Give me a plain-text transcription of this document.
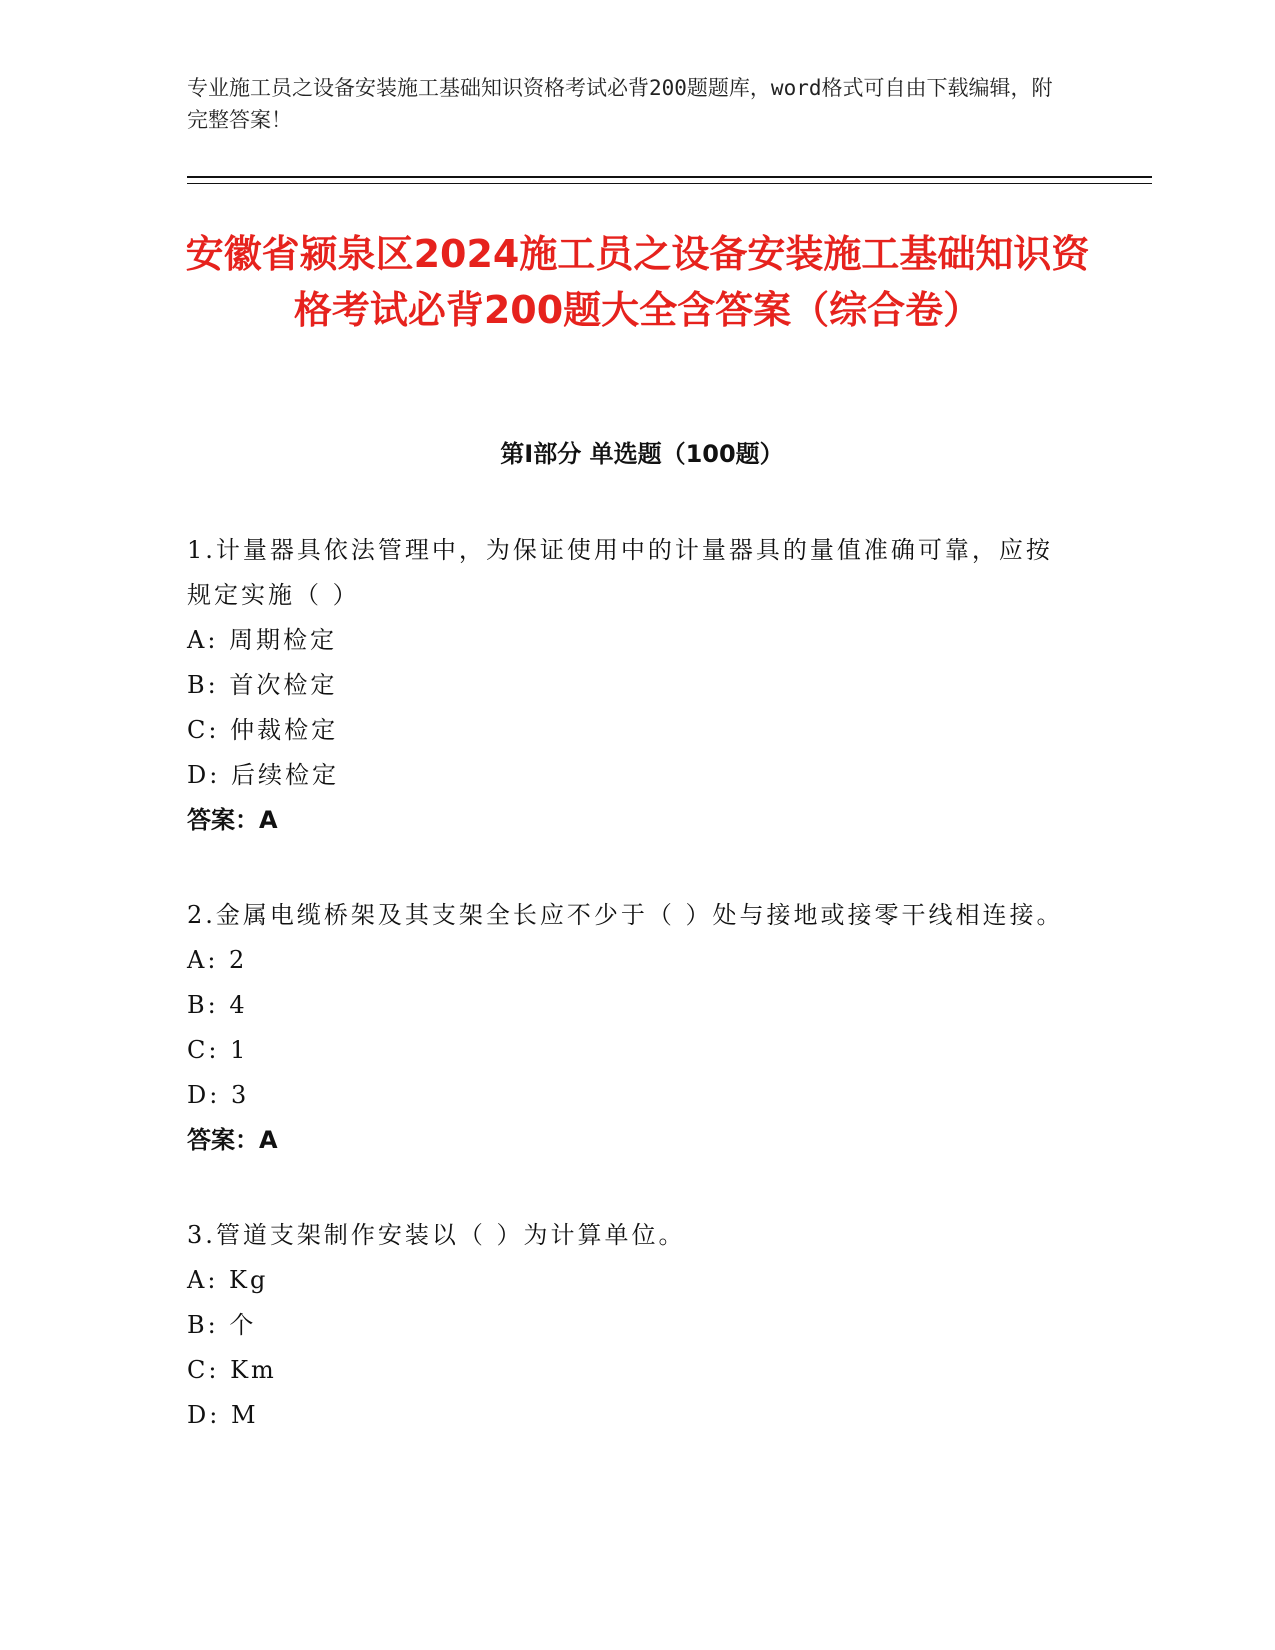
专业施工员之设备安装施工基础知识资格考试必背200题题库，word格式可自由下载编辑，附完整答案！
安徽省颍泉区2024施工员之设备安装施工基础知识资格考试必背200题大全含答案（综合卷）
第Ⅰ部分 单选题（100题）
1.计量器具依法管理中，为保证使用中的计量器具的量值准确可靠，应按规定实施（ ）
A: 周期检定
B: 首次检定
C: 仲裁检定
D: 后续检定
答案：A
2.金属电缆桥架及其支架全长应不少于（ ）处与接地或接零干线相连接。
A: 2
B: 4
C: 1
D: 3
答案：A
3.管道支架制作安装以（ ）为计算单位。
A: Kg
B: 个
C: Km
D: M
